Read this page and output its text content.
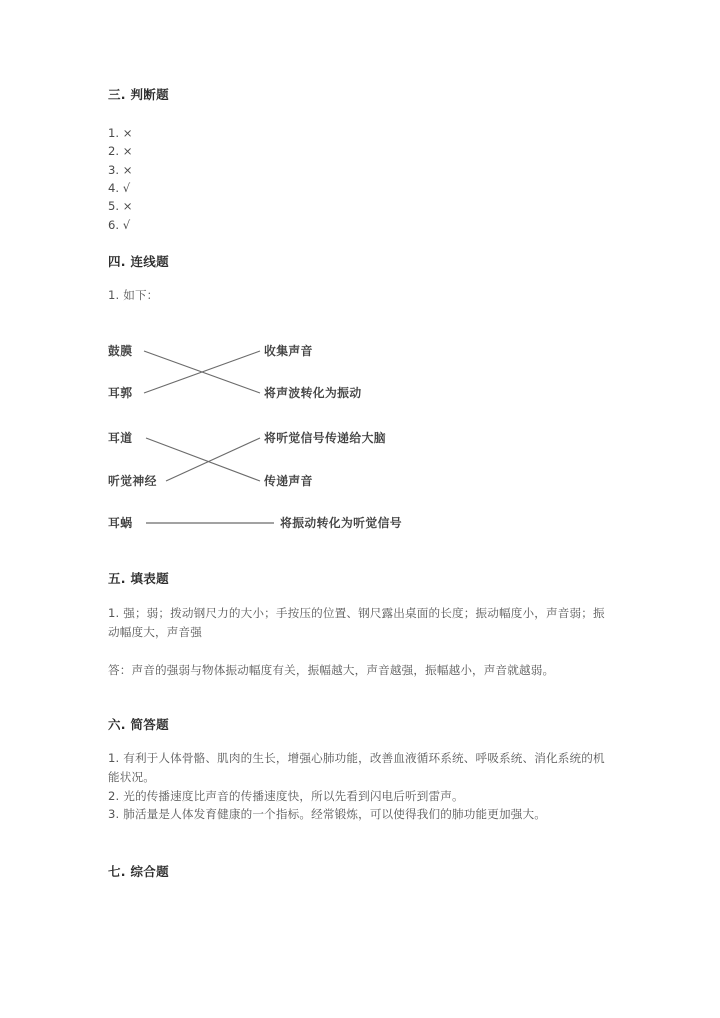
三. 判断题
1. ×
2. ×
3. ×
4. √
5. ×
6. √
四. 连线题
1. 如下：
鼓膜
耳郭
耳道
听觉神经
耳蜗
收集声音
将声波转化为振动
将听觉信号传递给大脑
传递声音
将振动转化为听觉信号
五. 填表题
1. 强；弱；拨动钢尺力的大小；手按压的位置、钢尺露出桌面的长度；振动幅度小，声音弱；振动幅度大，声音强
答：声音的强弱与物体振动幅度有关，振幅越大，声音越强，振幅越小，声音就越弱。
六. 简答题
1. 有利于人体骨骼、肌肉的生长，增强心肺功能，改善血液循环系统、呼吸系统、消化系统的机能状况。
2. 光的传播速度比声音的传播速度快，所以先看到闪电后听到雷声。
3. 肺活量是人体发育健康的一个指标。经常锻炼，可以使得我们的肺功能更加强大。
七. 综合题
